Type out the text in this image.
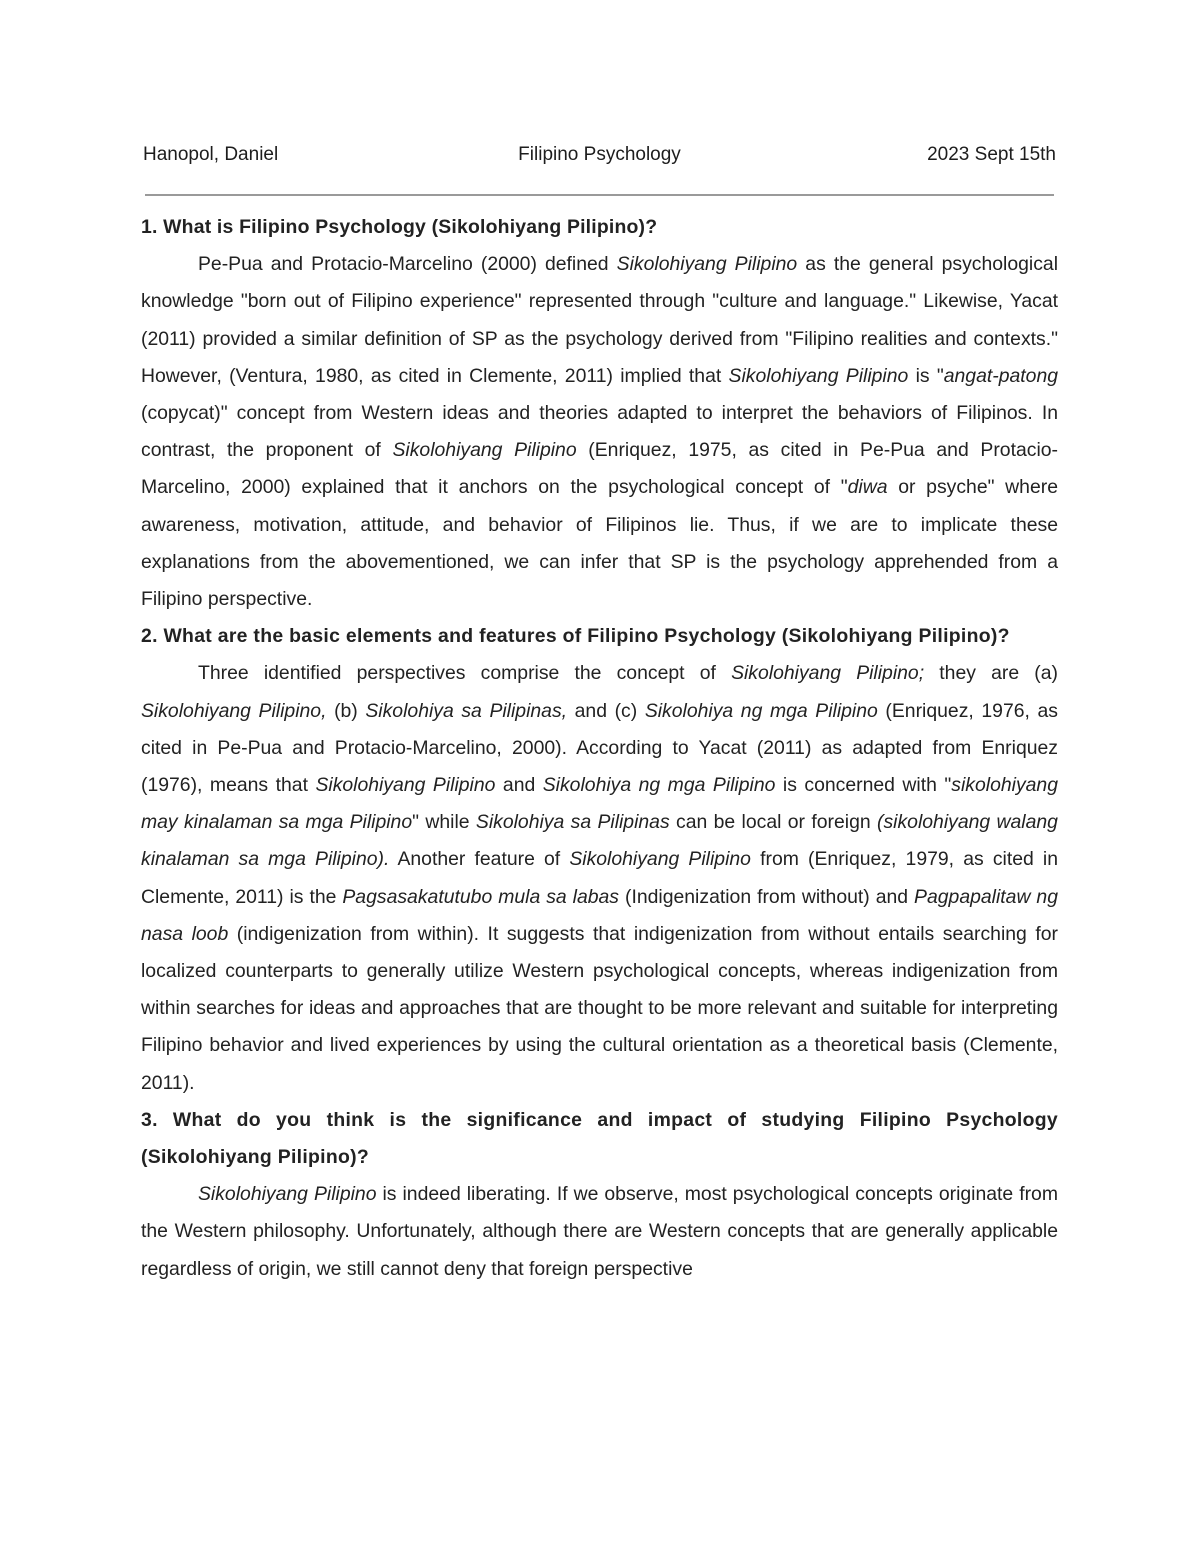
Hanopol, Daniel	Filipino Psychology	2023 Sept 15th

1. What is Filipino Psychology (Sikolohiyang Pilipino)?

Pe-Pua and Protacio-Marcelino (2000) defined Sikolohiyang Pilipino as the general psychological knowledge "born out of Filipino experience" represented through "culture and language." Likewise, Yacat (2011) provided a similar definition of SP as the psychology derived from "Filipino realities and contexts." However, (Ventura, 1980, as cited in Clemente, 2011) implied that Sikolohiyang Pilipino is "angat-patong (copycat)" concept from Western ideas and theories adapted to interpret the behaviors of Filipinos. In contrast, the proponent of Sikolohiyang Pilipino (Enriquez, 1975, as cited in Pe-Pua and Protacio-Marcelino, 2000) explained that it anchors on the psychological concept of "diwa or psyche" where awareness, motivation, attitude, and behavior of Filipinos lie. Thus, if we are to implicate these explanations from the abovementioned, we can infer that SP is the psychology apprehended from a Filipino perspective.

2. What are the basic elements and features of Filipino Psychology (Sikolohiyang Pilipino)?

Three identified perspectives comprise the concept of Sikolohiyang Pilipino; they are (a) Sikolohiyang Pilipino, (b) Sikolohiya sa Pilipinas, and (c) Sikolohiya ng mga Pilipino (Enriquez, 1976, as cited in Pe-Pua and Protacio-Marcelino, 2000). According to Yacat (2011) as adapted from Enriquez (1976), means that Sikolohiyang Pilipino and Sikolohiya ng mga Pilipino is concerned with "sikolohiyang may kinalaman sa mga Pilipino" while Sikolohiya sa Pilipinas can be local or foreign (sikolohiyang walang kinalaman sa mga Pilipino). Another feature of Sikolohiyang Pilipino from (Enriquez, 1979, as cited in Clemente, 2011) is the Pagsasakatutubo mula sa labas (Indigenization from without) and Pagpapalitaw ng nasa loob (indigenization from within). It suggests that indigenization from without entails searching for localized counterparts to generally utilize Western psychological concepts, whereas indigenization from within searches for ideas and approaches that are thought to be more relevant and suitable for interpreting Filipino behavior and lived experiences by using the cultural orientation as a theoretical basis (Clemente, 2011).

3. What do you think is the significance and impact of studying Filipino Psychology (Sikolohiyang Pilipino)?

Sikolohiyang Pilipino is indeed liberating. If we observe, most psychological concepts originate from the Western philosophy. Unfortunately, although there are Western concepts that are generally applicable regardless of origin, we still cannot deny that foreign perspective
